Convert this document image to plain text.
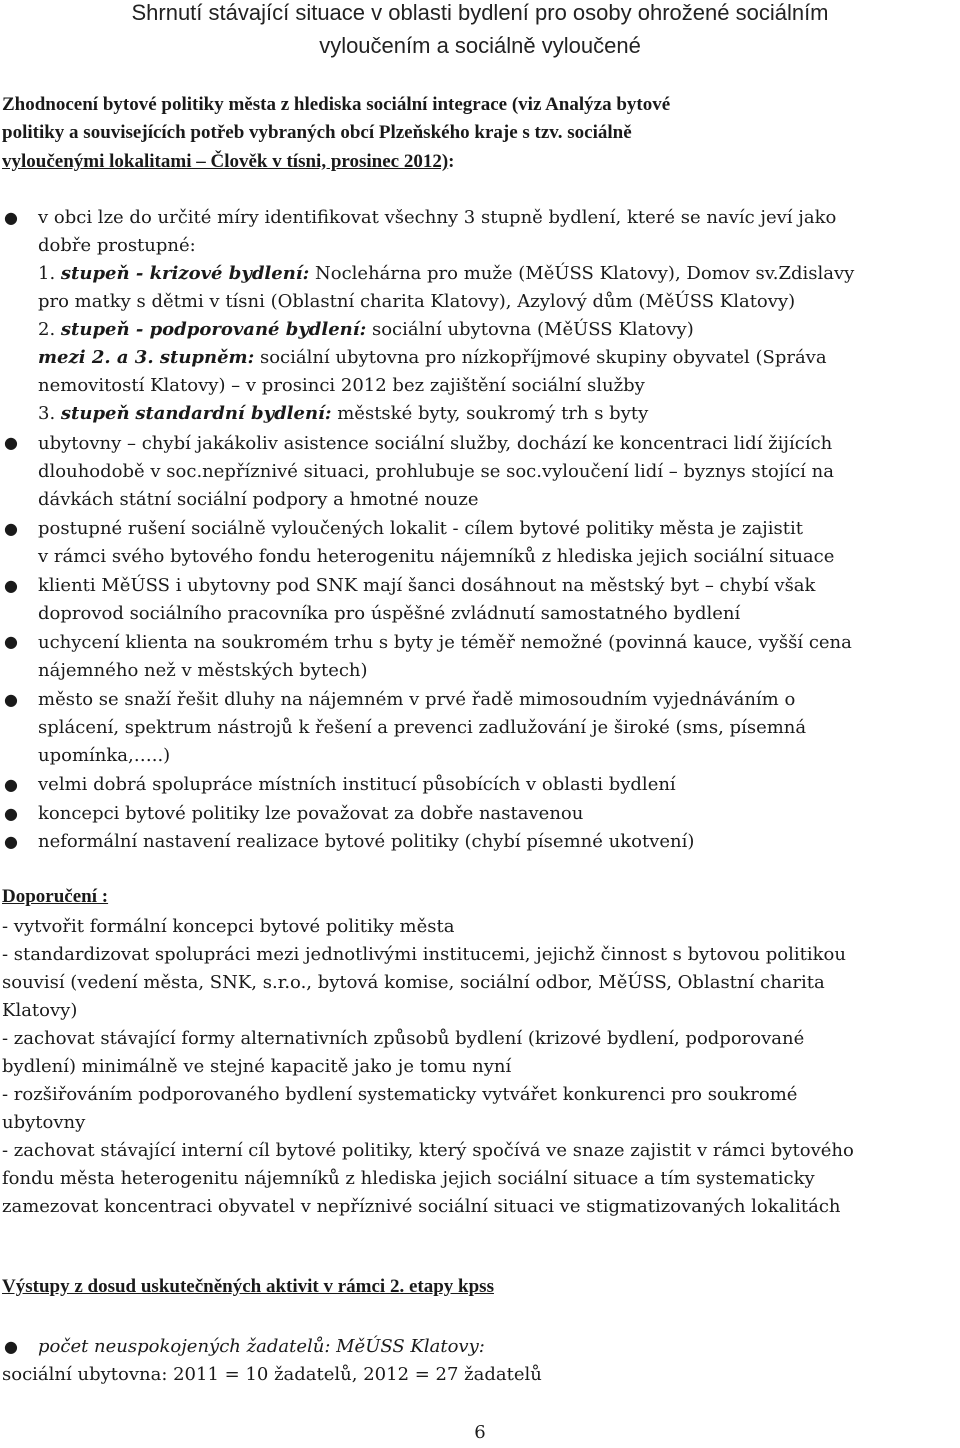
Shrnutí stávající situace v oblasti bydlení pro osoby ohrožené sociálním
vyloučením a sociálně vyloučené
Zhodnocení bytové politiky města z hlediska sociální integrace (viz Analýza bytové
politiky a souvisejících potřeb vybraných obcí Plzeňského kraje s tzv. sociálně
vyloučenými lokalitami – Člověk v tísni, prosinec 2012):
● v obci lze do určité míry identifikovat všechny 3 stupně bydlení, které se navíc jeví jako
dobře prostupné:
1. stupeň - krizové bydlení: Noclehárna pro muže (MěÚSS Klatovy), Domov sv.Zdislavy
pro matky s dětmi v tísni (Oblastní charita Klatovy), Azylový dům (MěÚSS Klatovy)
2. stupeň - podporované bydlení: sociální ubytovna (MěÚSS Klatovy)
mezi 2. a 3. stupněm: sociální ubytovna pro nízkopříjmové skupiny obyvatel (Správa
nemovitostí Klatovy) – v prosinci 2012 bez zajištění sociální služby
3. stupeň standardní bydlení: městské byty, soukromý trh s byty
● ubytovny – chybí jakákoliv asistence sociální služby, dochází ke koncentraci lidí žijících
dlouhodobě v soc.nepříznivé situaci, prohlubuje se soc.vyloučení lidí – byznys stojící na
dávkách státní sociální podpory a hmotné nouze
● postupné rušení sociálně vyloučených lokalit - cílem bytové politiky města je zajistit
v rámci svého bytového fondu heterogenitu nájemníků z hlediska jejich sociální situace
● klienti MěÚSS i ubytovny pod SNK mají šanci dosáhnout na městský byt – chybí však
doprovod sociálního pracovníka pro úspěšné zvládnutí samostatného bydlení
● uchycení klienta na soukromém trhu s byty je téměř nemožné (povinná kauce, vyšší cena
nájemného než v městských bytech)
● město se snaží řešit dluhy na nájemném v prvé řadě mimosoudním vyjednáváním o
splácení, spektrum nástrojů k řešení a prevenci zadlužování je široké (sms, písemná
upomínka,…..)
● velmi dobrá spolupráce místních institucí působících v oblasti bydlení
● koncepci bytové politiky lze považovat za dobře nastavenou
● neformální nastavení realizace bytové politiky (chybí písemné ukotvení)
Doporučení :
- vytvořit formální koncepci bytové politiky města
- standardizovat spolupráci mezi jednotlivými institucemi, jejichž činnost s bytovou politikou
souvisí (vedení města, SNK, s.r.o., bytová komise, sociální odbor, MěÚSS, Oblastní charita
Klatovy)
- zachovat stávající formy alternativních způsobů bydlení (krizové bydlení, podporované
bydlení) minimálně ve stejné kapacitě jako je tomu nyní
- rozšiřováním podporovaného bydlení systematicky vytvářet konkurenci pro soukromé
ubytovny
- zachovat stávající interní cíl bytové politiky, který spočívá ve snaze zajistit v rámci bytového
fondu města heterogenitu nájemníků z hlediska jejich sociální situace a tím systematicky
zamezovat koncentraci obyvatel v nepříznivé sociální situaci ve stigmatizovaných lokalitách
Výstupy z dosud uskutečněných aktivit v rámci 2. etapy kpss
● počet neuspokojených žadatelů: MěÚSS Klatovy:
sociální ubytovna: 2011 = 10 žadatelů, 2012 = 27 žadatelů
6
